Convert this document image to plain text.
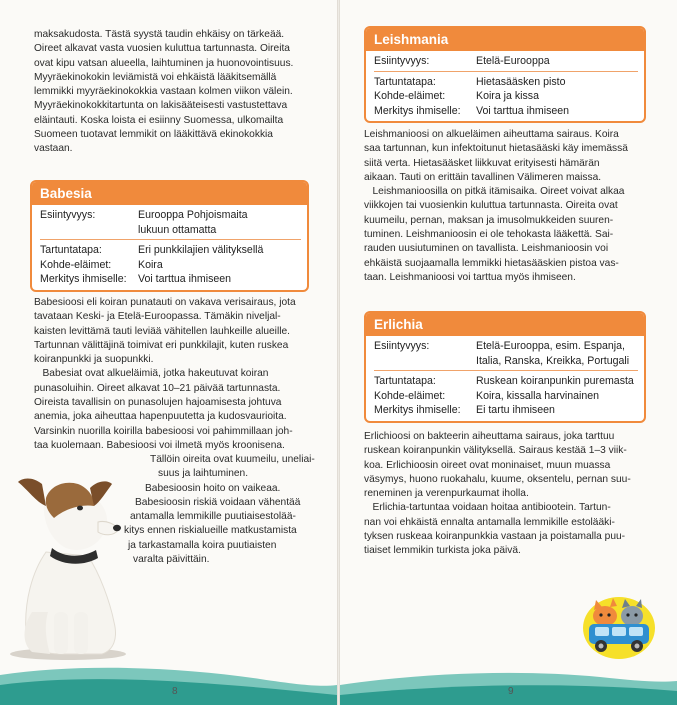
maksakudosta. Tästä syystä taudin ehkäisy on tärkeää.
Oireet alkavat vasta vuosien kuluttua tartunnasta. Oireita
ovat kipu vatsan alueella, laihtuminen ja huonovointisuus.
Myyräekinokokin leviämistä voi ehkäistä lääkitsemällä
lemmikki myyräekinokokkia vastaan kolmen viikon välein.
Myyräekinokokkitartunta on lakisääteisesti vastustettava
eläintauti. Koska loista ei esiinny Suomessa, ulkomailta
Suomeen tuotavat lemmikit on lääkittävä ekinokokkia
vastaan.
Babesia
Esiintyvyys:	Eurooppa Pohjoismaita
lukuun ottamatta
Tartuntatapa:	Eri punkkilajien välityksellä
Kohde-eläimet:	Koira
Merkitys ihmiselle: Voi tarttua ihmiseen
Babesioosi eli koiran punatauti on vakava verisairaus, jota
tavataan Keski- ja Etelä-Euroopassa. Tämäkin niveljal-
kaisten levittämä tauti leviää vähitellen lauhkeille alueille.
Tartunnan välittäjinä toimivat eri punkkilajit, kuten ruskea
koiranpunkki ja suopunkki.
Babesiat ovat alkueläimiä, jotka hakeutuvat koiran
punasoluihin. Oireet alkavat 10–21 päivää tartunnasta.
Oireista tavallisin on punasolujen hajoamisesta johtuva
anemia, joka aiheuttaa hapenpuutetta ja kudosvaurioita.
Varsinkin nuorilla koirilla babesioosi voi pahimmillaan joh-
taa kuolemaan. Babesioosi voi ilmetä myös kroonisena.
Tällöin oireita ovat kuumeilu, uneliai-
suus ja laihtuminen.
Babesioosin hoito on vaikeaa.
Babesioosin riskiä voidaan vähentää
antamalla lemmikille puutiaisestolää-
kitys ennen riskialueille matkustamista
ja tarkastamalla koira puutiaisten
varalta päivittäin.
8
Leishmania
Esiintyvyys:	Etelä-Eurooppa
Tartuntatapa:	Hietasääsken pisto
Kohde-eläimet:	Koira ja kissa
Merkitys ihmiselle: Voi tarttua ihmiseen
Leishmanioosi on alkueläimen aiheuttama sairaus. Koira
saa tartunnan, kun infektoitunut hietasääski käy imemässä
siitä verta. Hietasääsket liikkuvat erityisesti hämärän
aikaan. Tauti on erittäin tavallinen Välimeren maissa.
Leishmanioosilla on pitkä itämisaika. Oireet voivat alkaa
viikkojen tai vuosienkin kuluttua tartunnasta. Oireita ovat
kuumeilu, pernan, maksan ja imusolmukkeiden suuren-
tuminen. Leishmanioosin ei ole tehokasta lääkettä. Sai-
rauden uusiutuminen on tavallista. Leishmanioosin voi
ehkäistä suojaamalla lemmikki hietasääskien pistoa vas-
taan. Leishmanioosi voi tarttua myös ihmiseen.
Erlichia
Esiintyvyys:	Etelä-Eurooppa, esim. Espanja,
Italia, Ranska, Kreikka, Portugali
Tartuntatapa:	Ruskean koiranpunkin puremasta
Kohde-eläimet:	Koira, kissalla harvinainen
Merkitys ihmiselle: Ei tartu ihmiseen
Erlichioosi on bakteerin aiheuttama sairaus, joka tarttuu
ruskean koiranpunkin välityksellä. Sairaus kestää 1–3 viik-
koa. Erlichioosin oireet ovat moninaiset, muun muassa
väsymys, huono ruokahalu, kuume, oksentelu, pernan suu-
reneminen ja verenpurkaumat iholla.
Erlichia-tartuntaa voidaan hoitaa antibiootein. Tartun-
nan voi ehkäistä ennalta antamalla lemmikille estolääki-
tyksen ruskeaa koiranpunkkia vastaan ja poistamalla puu-
tiaiset lemmikin turkista joka päivä.
9
